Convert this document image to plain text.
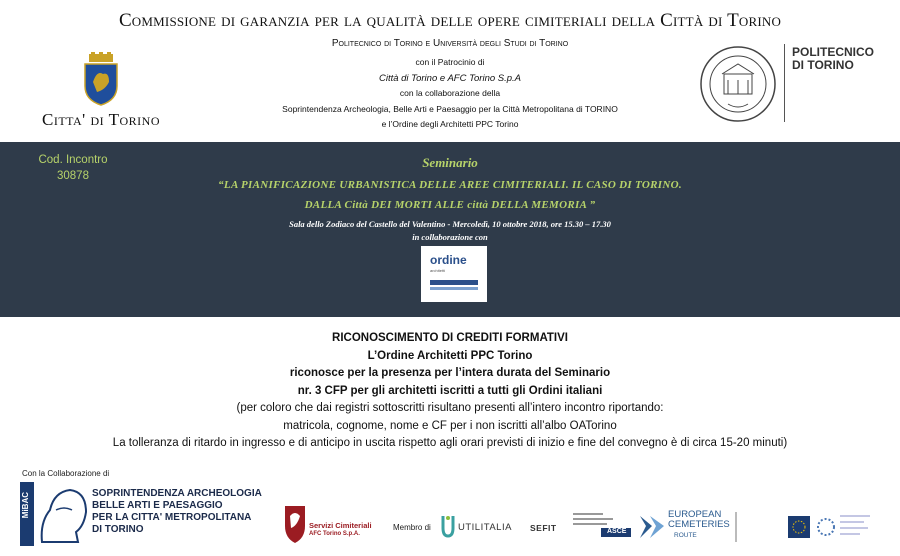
Commissione di garanzia per la qualità delle opere cimiteriali della Città di Torino
Politecnico di Torino e Università degli Studi di Torino
con il Patrocinio di
Città di Torino e AFC Torino S.p.A
con la collaborazione della
Soprintendenza Archeologia, Belle Arti e Paesaggio per la Città Metropolitana di TORINO
e l’Ordine degli Architetti PPC Torino
Citta' di Torino
POLITECNICO
DI TORINO
Cod. Incontro
30878
Seminario
“LA PIANIFICAZIONE URBANISTICA DELLE AREE CIMITERIALI. IL CASO DI TORINO.
DALLA Città DEI MORTI ALLE città DELLA MEMORIA ”
Sala dello Zodiaco del Castello del Valentino - Mercoledì, 10 ottobre 2018, ore 15.30 – 17.30
in collaborazione con
ordine
architetti
RICONOSCIMENTO DI CREDITI FORMATIVI
L’Ordine Architetti PPC Torino
riconosce per la presenza per l’intera durata del Seminario
nr. 3 CFP per gli architetti iscritti a tutti gli Ordini italiani
(per coloro che dai registri sottoscritti risultano presenti all’intero incontro riportando:
matricola, cognome, nome e CF per i non iscritti all’albo OATorino
La tolleranza di ritardo in ingresso e di anticipo in uscita rispetto agli orari previsti di inizio e fine del convegno è di circa 15-20 minuti)
Con la Collaborazione di
MiBAC	SOPRINTENDENZA ARCHEOLOGIA
BELLE ARTI E PAESAGGIO
PER LA CITTA' METROPOLITANA
DI TORINO	Servizi Cimiteriali
AFC Torino S.p.A.
Membro di	UTILITALIA SEFIT	ASCE
EUROPEAN
CEMETERIES
ROUTE
